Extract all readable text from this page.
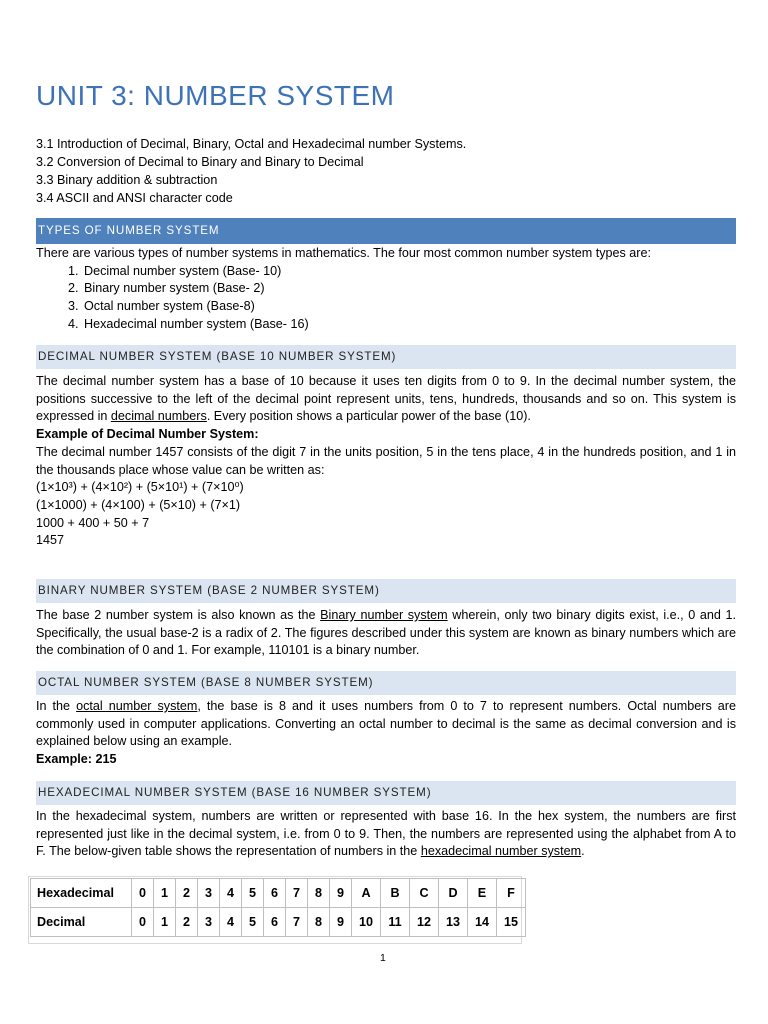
UNIT 3: NUMBER SYSTEM
3.1 Introduction of Decimal, Binary, Octal and Hexadecimal number Systems.
3.2 Conversion of Decimal to Binary and Binary to Decimal
3.3 Binary addition & subtraction
3.4 ASCII and ANSI character code
TYPES OF NUMBER SYSTEM
There are various types of number systems in mathematics. The four most common number system types are:
1. Decimal number system (Base- 10)
2. Binary number system (Base- 2)
3. Octal number system (Base-8)
4. Hexadecimal number system (Base- 16)
DECIMAL NUMBER SYSTEM (BASE 10 NUMBER SYSTEM)
The decimal number system has a base of 10 because it uses ten digits from 0 to 9. In the decimal number system, the positions successive to the left of the decimal point represent units, tens, hundreds, thousands and so on. This system is expressed in decimal numbers. Every position shows a particular power of the base (10).
Example of Decimal Number System:
The decimal number 1457 consists of the digit 7 in the units position, 5 in the tens place, 4 in the hundreds position, and 1 in the thousands place whose value can be written as:
(1×10³) + (4×10²) + (5×10¹) + (7×10⁰)
(1×1000) + (4×100) + (5×10) + (7×1)
1000 + 400 + 50 + 7
1457
BINARY NUMBER SYSTEM (BASE 2 NUMBER SYSTEM)
The base 2 number system is also known as the Binary number system wherein, only two binary digits exist, i.e., 0 and 1. Specifically, the usual base-2 is a radix of 2. The figures described under this system are known as binary numbers which are the combination of 0 and 1. For example, 110101 is a binary number.
OCTAL NUMBER SYSTEM (BASE 8 NUMBER SYSTEM)
In the octal number system, the base is 8 and it uses numbers from 0 to 7 to represent numbers. Octal numbers are commonly used in computer applications. Converting an octal number to decimal is the same as decimal conversion and is explained below using an example.
Example: 215
HEXADECIMAL NUMBER SYSTEM (BASE 16 NUMBER SYSTEM)
In the hexadecimal system, numbers are written or represented with base 16. In the hex system, the numbers are first represented just like in the decimal system, i.e. from 0 to 9. Then, the numbers are represented using the alphabet from A to F. The below-given table shows the representation of numbers in the hexadecimal number system.
Hexadecimal	0	1	2	3	4	5	6	7	8	9	A	B	C	D	E	F
Decimal	0	1	2	3	4	5	6	7	8	9	10	11	12	13	14	15
1
